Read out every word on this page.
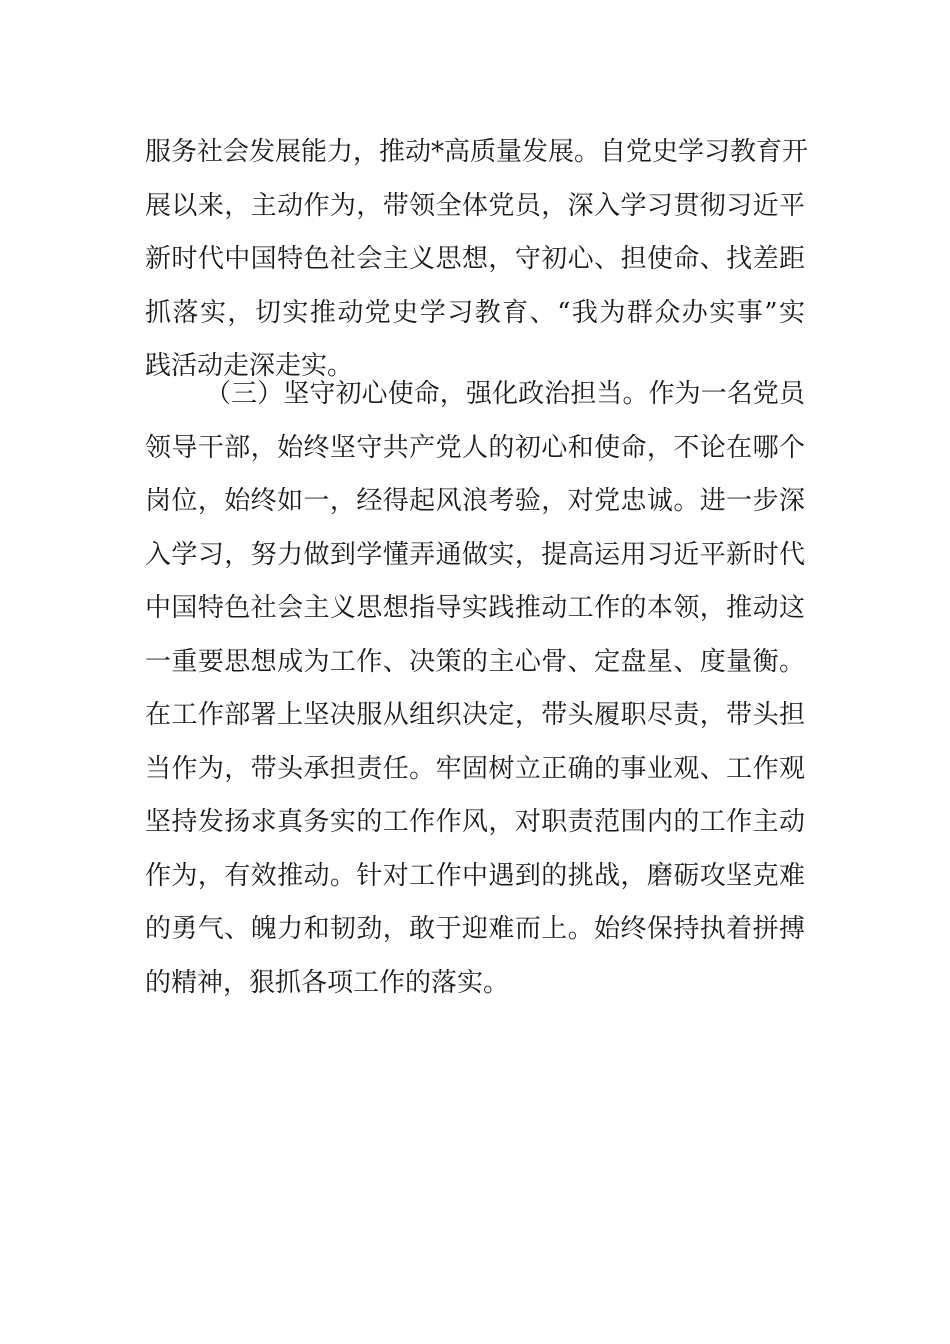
服务社会发展能力，推动*高质量发展。自党史学习教育开
展以来，主动作为，带领全体党员，深入学习贯彻习近平
新时代中国特色社会主义思想，守初心、担使命、找差距
抓落实，切实推动党史学习教育、“我为群众办实事”实
践活动走深走实。
（三）坚守初心使命，强化政治担当。作为一名党员
领导干部，始终坚守共产党人的初心和使命，不论在哪个
岗位，始终如一，经得起风浪考验，对党忠诚。进一步深
入学习，努力做到学懂弄通做实，提高运用习近平新时代
中国特色社会主义思想指导实践推动工作的本领，推动这
一重要思想成为工作、决策的主心骨、定盘星、度量衡。
在工作部署上坚决服从组织决定，带头履职尽责，带头担
当作为，带头承担责任。牢固树立正确的事业观、工作观
坚持发扬求真务实的工作作风，对职责范围内的工作主动
作为，有效推动。针对工作中遇到的挑战，磨砺攻坚克难
的勇气、魄力和韧劲，敢于迎难而上。始终保持执着拼搏
的精神，狠抓各项工作的落实。
